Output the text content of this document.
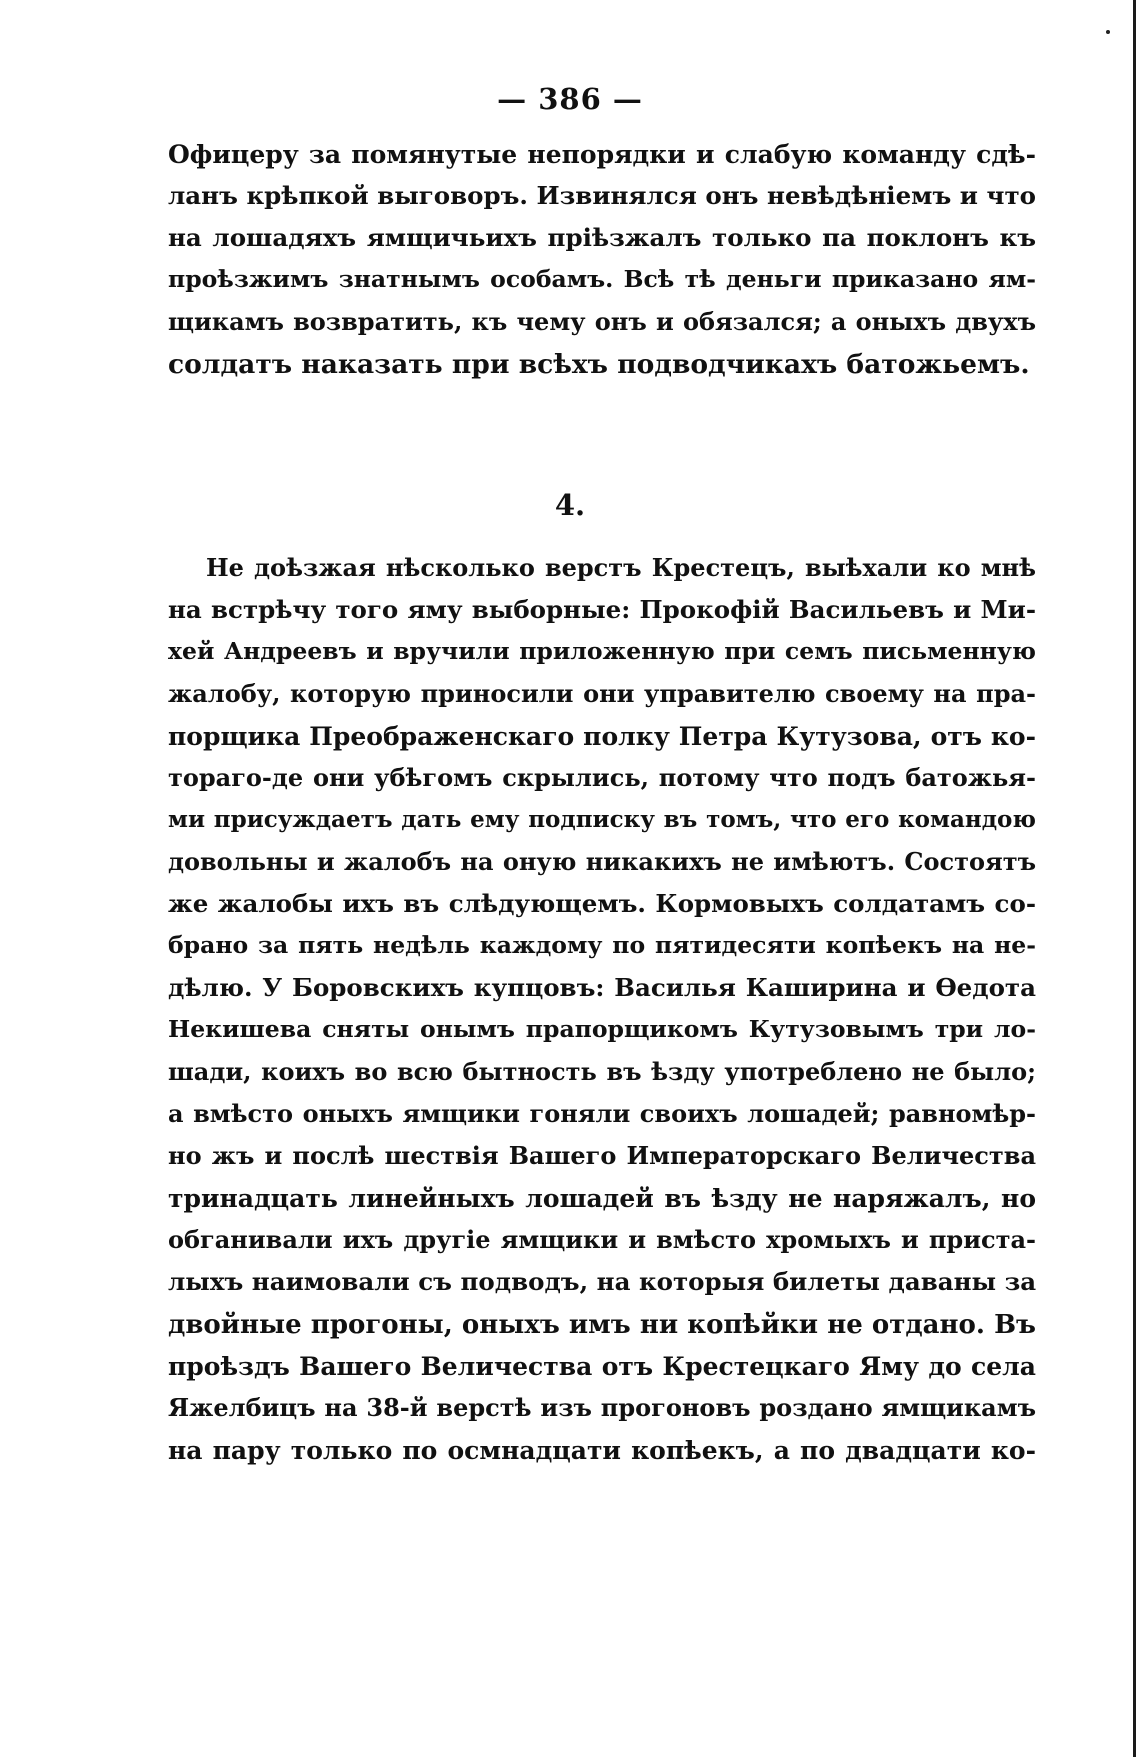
— 386 —
Офицеру за помянутые непорядки и слабую команду сдѣ-
ланъ крѣпкой выговоръ. Извинялся онъ невѣдѣніемъ и что
на лошадяхъ ямщичьихъ пріѣзжалъ только па поклонъ къ
проѣзжимъ знатнымъ особамъ. Всѣ тѣ деньги приказано ям-
щикамъ возвратить, къ чему онъ и обязался; а оныхъ двухъ
солдатъ наказать при всѣхъ подводчикахъ батожьемъ.
4.
Не доѣзжая нѣсколько верстъ Крестецъ, выѣхали ко мнѣ
на встрѣчу того яму выборные: Прокофій Васильевъ и Ми-
хей Андреевъ и вручили приложенную при семъ письменную
жалобу, которую приносили они управителю своему на пра-
порщика Преображенскаго полку Петра Кутузова, отъ ко-
тораго-де они убѣгомъ скрылись, потому что подъ батожья-
ми присуждаетъ дать ему подписку въ томъ, что его командою
довольны и жалобъ на оную никакихъ не имѣютъ. Состоятъ
же жалобы ихъ въ слѣдующемъ. Кормовыхъ солдатамъ со-
брано за пять недѣль каждому по пятидесяти копѣекъ на не-
дѣлю. У Боровскихъ купцовъ: Василья Каширина и Ѳедота
Некишева сняты онымъ прапорщикомъ Кутузовымъ три ло-
шади, коихъ во всю бытность въ ѣзду употреблено не было;
а вмѣсто оныхъ ямщики гоняли своихъ лошадей; равномѣр-
но жъ и послѣ шествія Вашего Императорскаго Величества
тринадцать линейныхъ лошадей въ ѣзду не наряжалъ, но
обганивали ихъ другіе ямщики и вмѣсто хромыхъ и приста-
лыхъ наимовали съ подводъ, на которыя билеты даваны за
двойные прогоны, оныхъ имъ ни копѣйки не отдано. Въ
проѣздъ Вашего Величества отъ Крестецкаго Яму до села
Яжелбицъ на 38-й верстѣ изъ прогоновъ роздано ямщикамъ
на пару только по осмнадцати копѣекъ, а по двадцати ко-
